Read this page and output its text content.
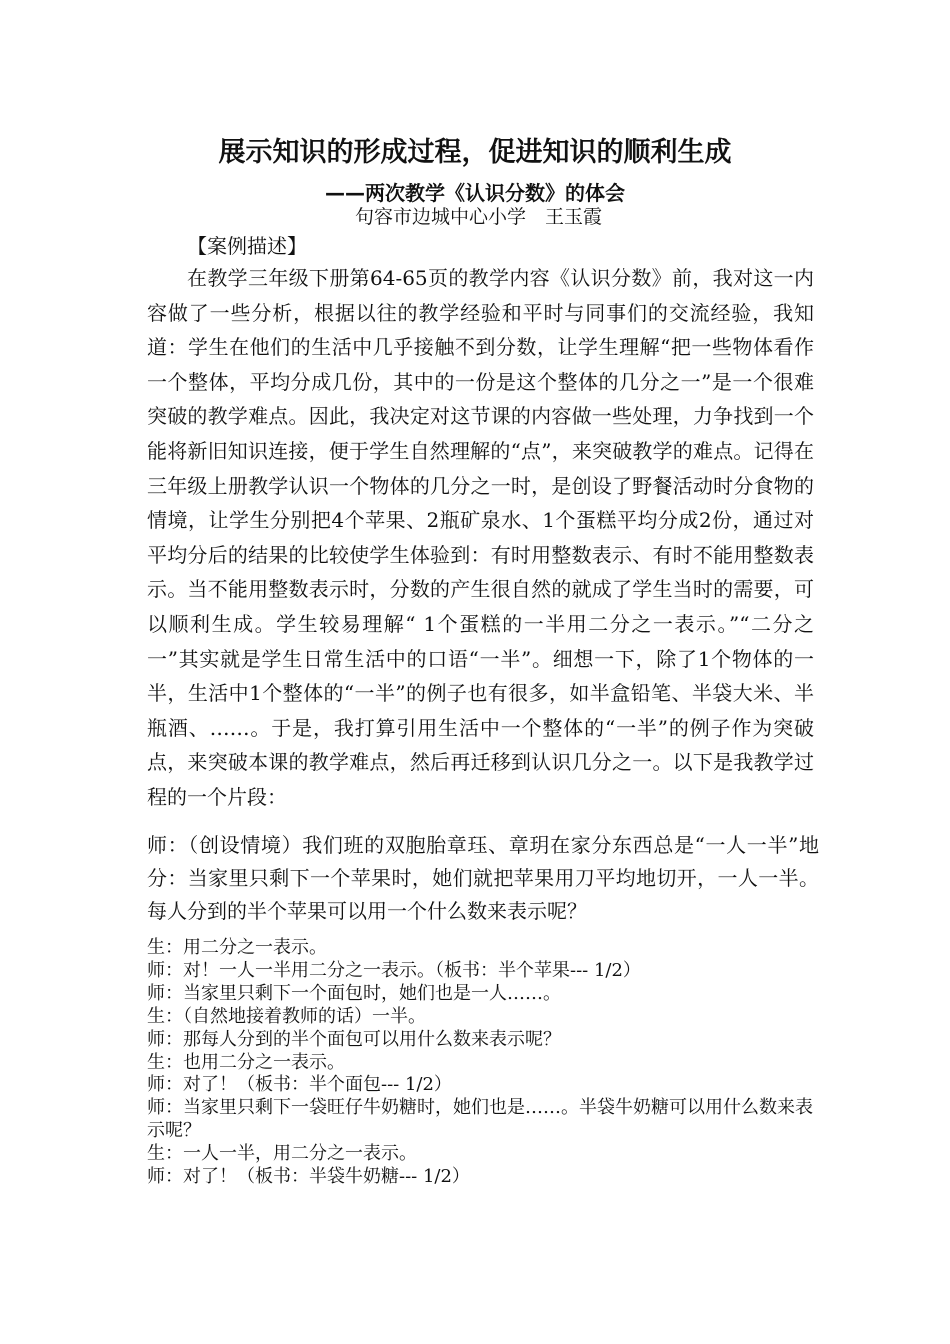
展示知识的形成过程，促进知识的顺利生成
——两次教学《认识分数》的体会
句容市边城中心小学　王玉霞
【案例描述】

在教学三年级下册第64-65页的教学内容《认识分数》前，我对这一内容做了一些分析，根据以往的教学经验和平时与同事们的交流经验，我知道：学生在他们的生活中几乎接触不到分数，让学生理解“把一些物体看作一个整体，平均分成几份，其中的一份是这个整体的几分之一”是一个很难突破的教学难点。因此，我决定对这节课的内容做一些处理，力争找到一个能将新旧知识连接，便于学生自然理解的“点”，来突破教学的难点。记得在三年级上册教学认识一个物体的几分之一时，是创设了野餐活动时分食物的情境，让学生分别把4个苹果、2瓶矿泉水、1个蛋糕平均分成2份，通过对平均分后的结果的比较使学生体验到：有时用整数表示、有时不能用整数表示。当不能用整数表示时，分数的产生很自然的就成了学生当时的需要，可以顺利生成。学生较易理解“ 1个蛋糕的一半用二分之一表示。”“二分之一”其实就是学生日常生活中的口语“一半”。细想一下，除了1个物体的一半，生活中1个整体的“一半”的例子也有很多，如半盒铅笔、半袋大米、半瓶酒、……。于是，我打算引用生活中一个整体的“一半”的例子作为突破点，来突破本课的教学难点，然后再迁移到认识几分之一。以下是我教学过程的一个片段：

师：（创设情境）我们班的双胞胎章珏、章玥在家分东西总是“一人一半”地分：当家里只剩下一个苹果时，她们就把苹果用刀平均地切开，一人一半。每人分到的半个苹果可以用一个什么数来表示呢？

生：用二分之一表示。
师：对！一人一半用二分之一表示。（板书：半个苹果--- 1/2）
师：当家里只剩下一个面包时，她们也是一人……。
生：（自然地接着教师的话）一半。
师：那每人分到的半个面包可以用什么数来表示呢？
生：也用二分之一表示。
师：对了！（板书：半个面包--- 1/2）
师：当家里只剩下一袋旺仔牛奶糖时，她们也是……。半袋牛奶糖可以用什么数来表示呢？
生：一人一半，用二分之一表示。
师：对了！（板书：半袋牛奶糖--- 1/2）
